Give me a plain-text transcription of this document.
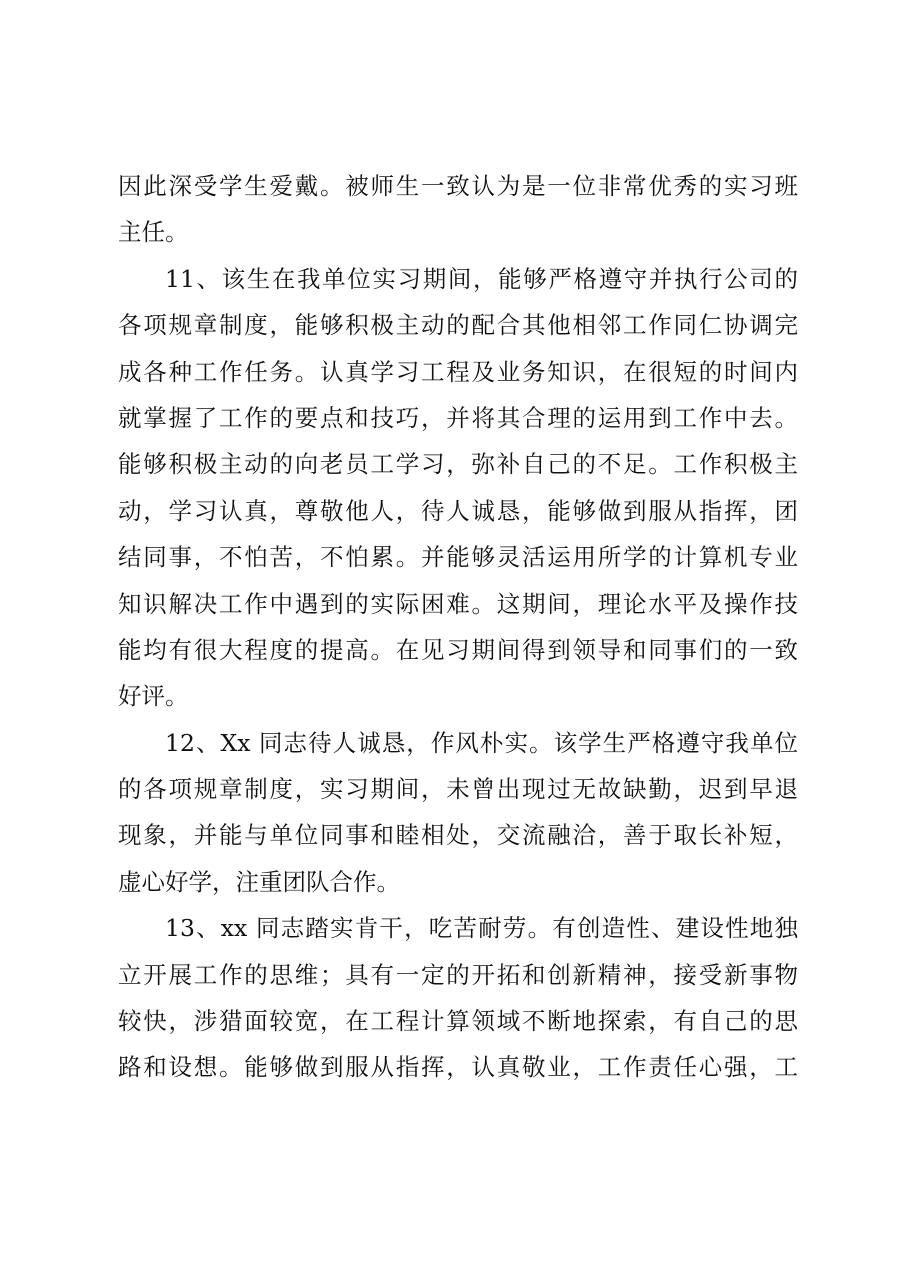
因此深受学生爱戴。被师生一致认为是一位非常优秀的实习班
主任。
11、该生在我单位实习期间，能够严格遵守并执行公司的
各项规章制度，能够积极主动的配合其他相邻工作同仁协调完
成各种工作任务。认真学习工程及业务知识，在很短的时间内
就掌握了工作的要点和技巧，并将其合理的运用到工作中去。
能够积极主动的向老员工学习，弥补自己的不足。工作积极主
动，学习认真，尊敬他人，待人诚恳，能够做到服从指挥，团
结同事，不怕苦，不怕累。并能够灵活运用所学的计算机专业
知识解决工作中遇到的实际困难。这期间，理论水平及操作技
能均有很大程度的提高。在见习期间得到领导和同事们的一致
好评。
12、Xx 同志待人诚恳，作风朴实。该学生严格遵守我单位
的各项规章制度，实习期间，未曾出现过无故缺勤，迟到早退
现象，并能与单位同事和睦相处，交流融洽，善于取长补短，
虚心好学，注重团队合作。
13、xx 同志踏实肯干，吃苦耐劳。有创造性、建设性地独
立开展工作的思维；具有一定的开拓和创新精神，接受新事物
较快，涉猎面较宽，在工程计算领域不断地探索，有自己的思
路和设想。能够做到服从指挥，认真敬业，工作责任心强，工
